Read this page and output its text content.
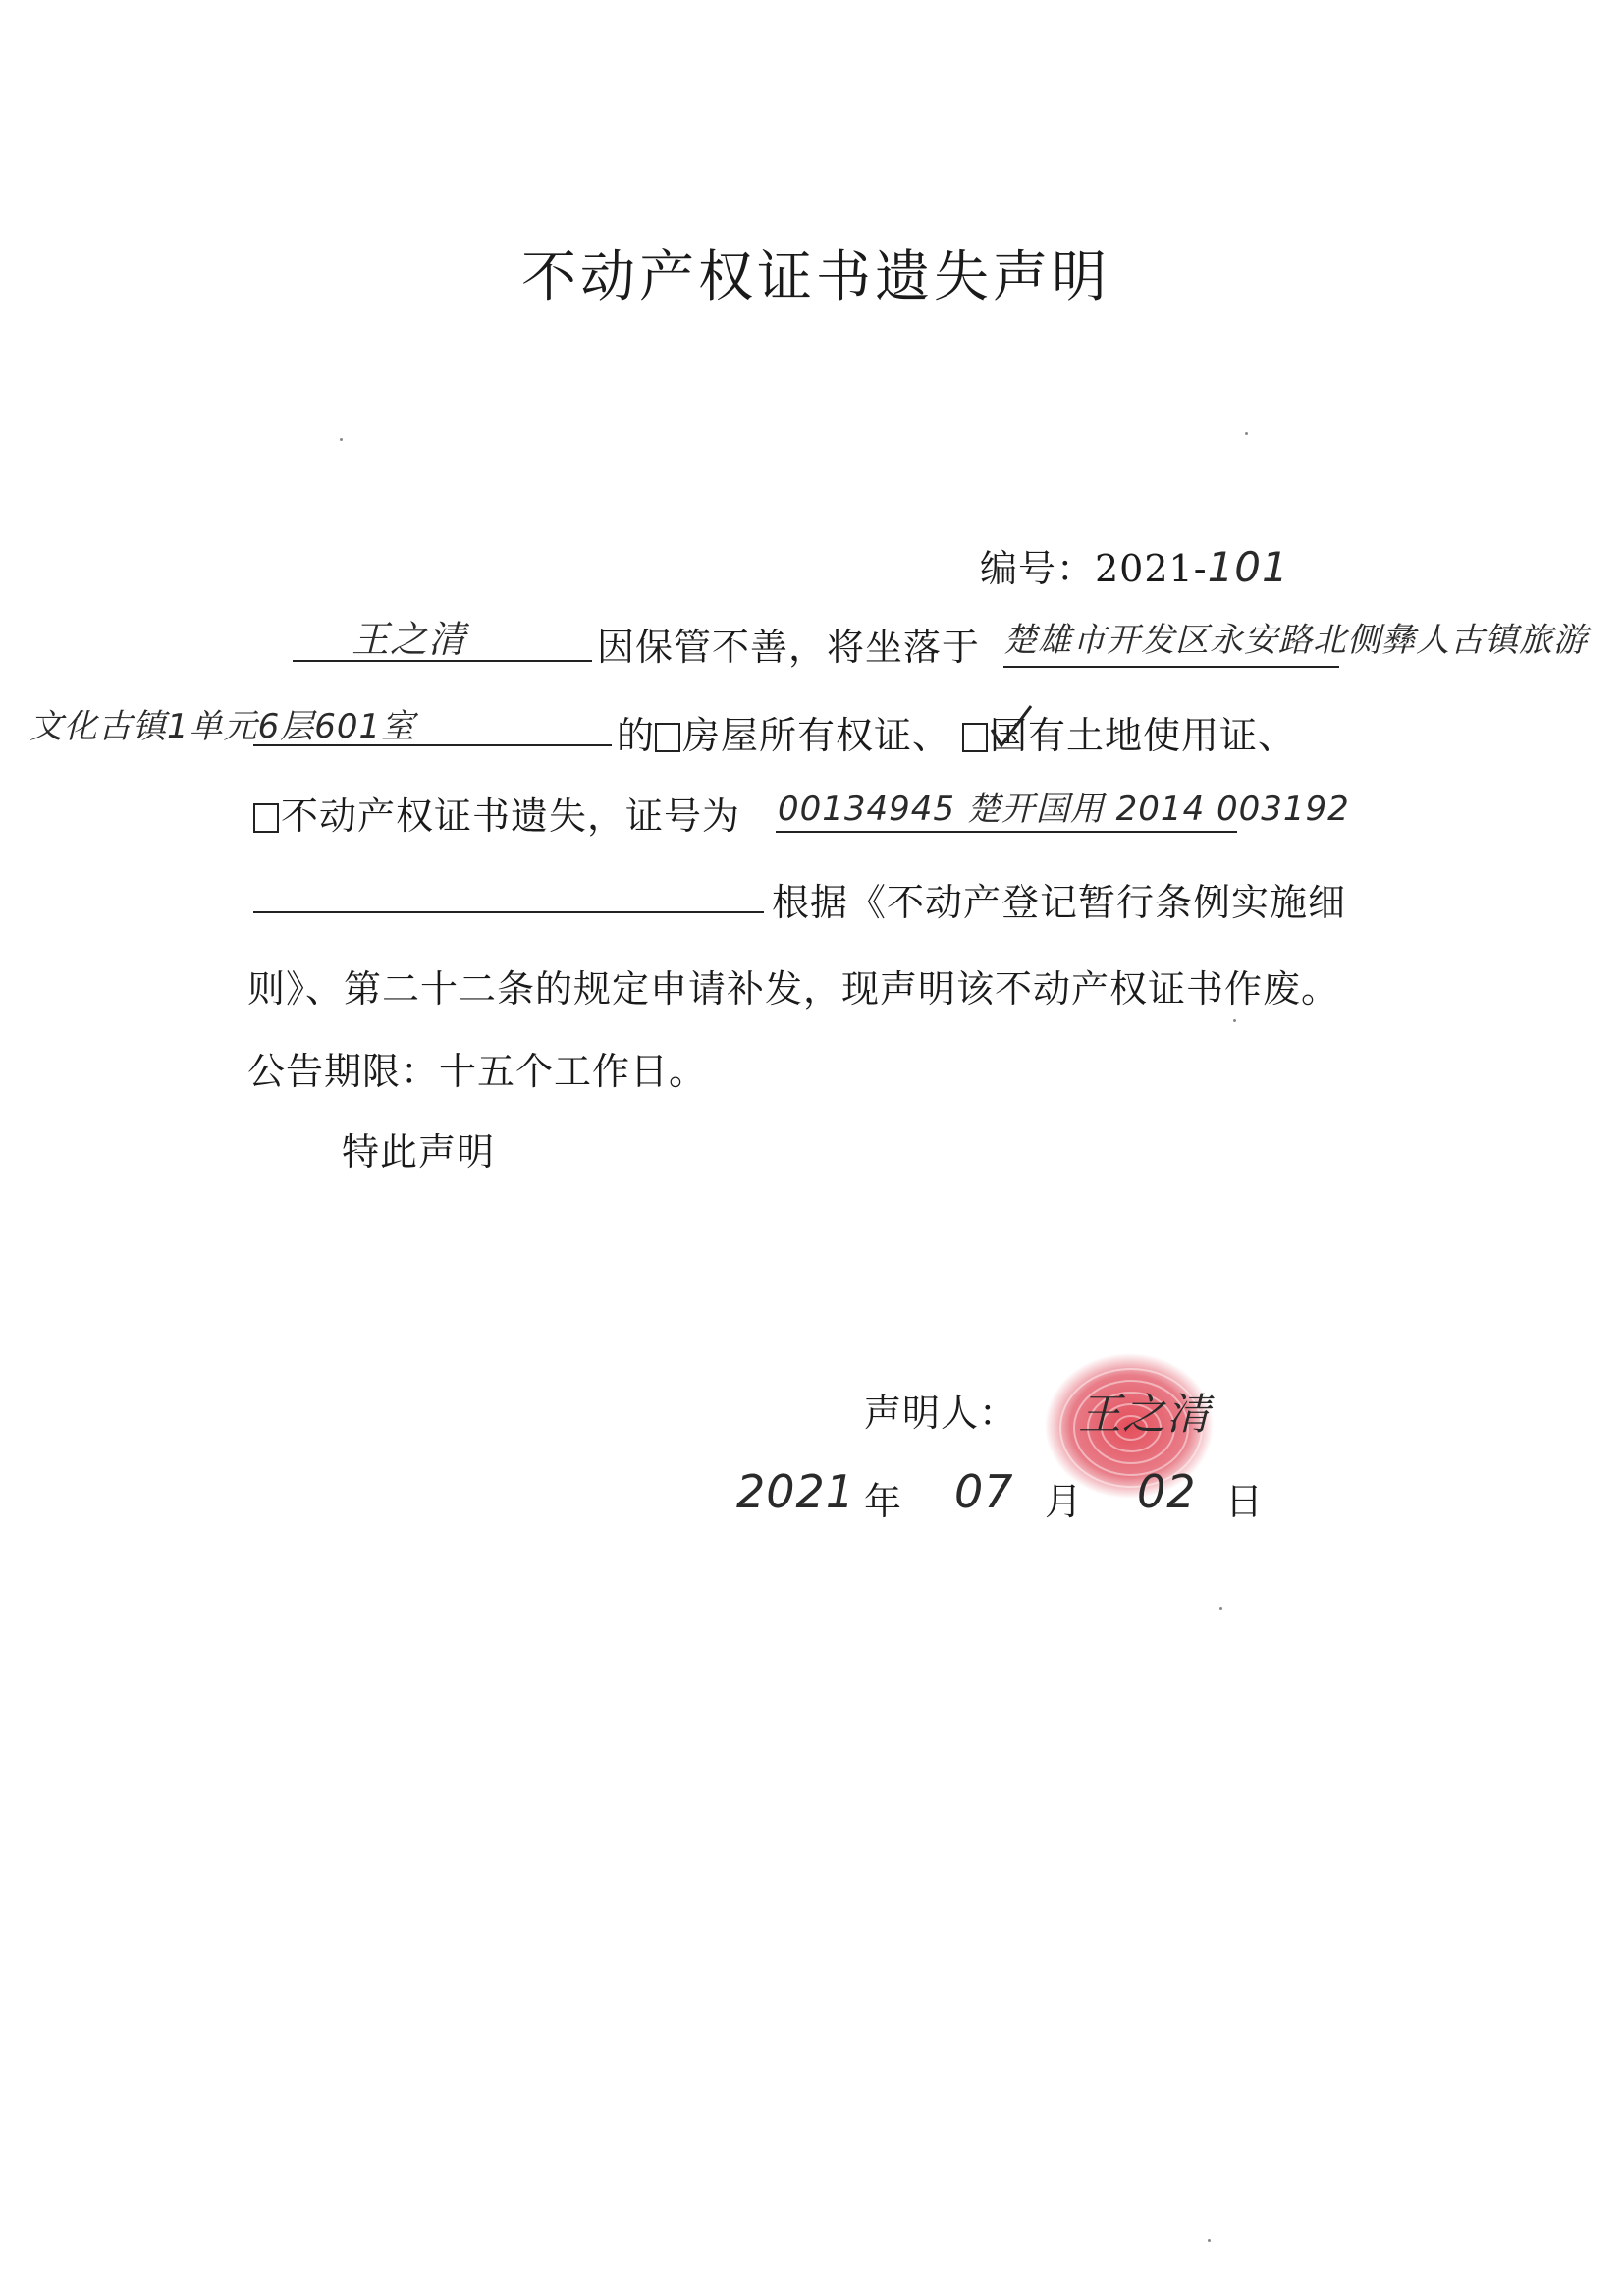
不动产权证书遗失声明
编号：2021-101
王之清	因保管不善，将坐落于 楚雄市开发区永安路北侧彝人古镇旅游
文化古镇1单元6层601室	的 房屋所有权证、 国有土地使用证、
不动产权证书遗失，证号为 00134945 楚开国用 2014 003192
根据《不动产登记暂行条例实施细
则》、第二十二条的规定申请补发，现声明该不动产权证书作废。
公告期限：十五个工作日。
特此声明
声明人： 王之清
2021 年 07 月 02 日
